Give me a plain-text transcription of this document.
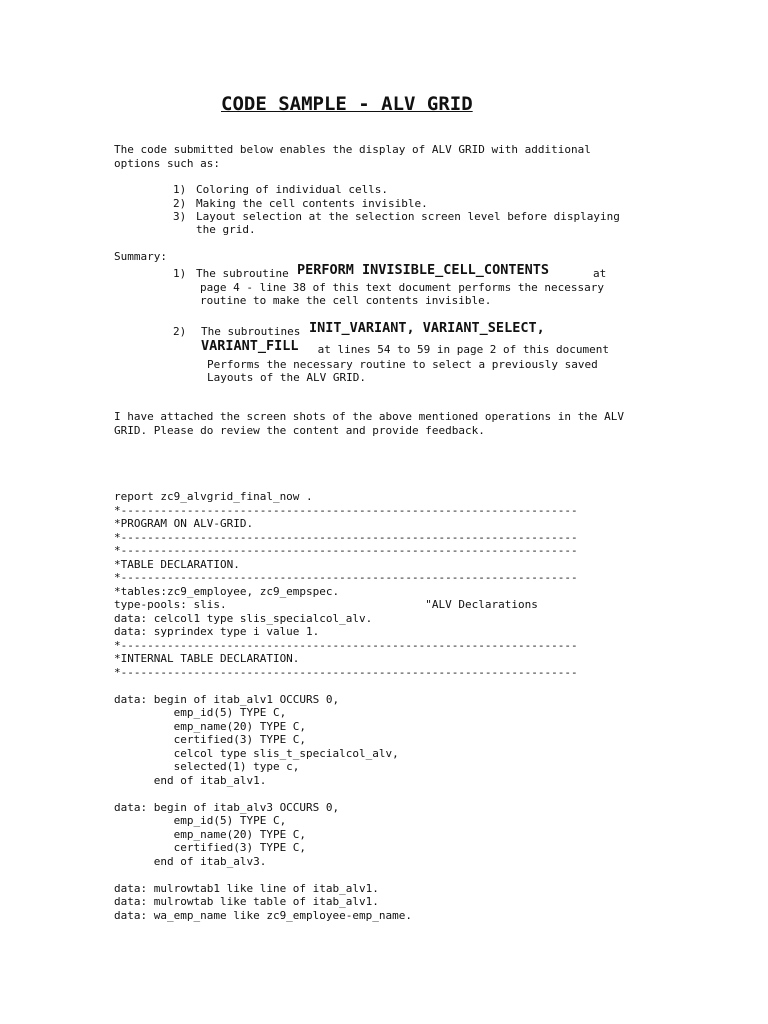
CODE SAMPLE - ALV GRID
The code submitted below enables the display of ALV GRID with additional
options such as:
1) Coloring of individual cells.
2) Making the cell contents invisible.
3) Layout selection at the selection screen level before displaying
the grid.
Summary:
1) The subroutine PERFORM INVISIBLE_CELL_CONTENTS	at
page 4 - line 38 of this text document performs the necessary
routine to make the cell contents invisible.
2) The subroutines INIT_VARIANT, VARIANT_SELECT,
VARIANT_FILL at lines 54 to 59 in page 2 of this document
Performs the necessary routine to select a previously saved
Layouts of the ALV GRID.
I have attached the screen shots of the above mentioned operations in the ALV
GRID. Please do review the content and provide feedback.
report zc9_alvgrid_final_now .
*---------------------------------------------------------------------
*PROGRAM ON ALV-GRID.
*---------------------------------------------------------------------
*---------------------------------------------------------------------
*TABLE DECLARATION.
*---------------------------------------------------------------------
*tables:zc9_employee, zc9_empspec.
type-pools: slis.                              "ALV Declarations
data: celcol1 type slis_specialcol_alv.
data: syprindex type i value 1.
*---------------------------------------------------------------------
*INTERNAL TABLE DECLARATION.
*---------------------------------------------------------------------
data: begin of itab_alv1 OCCURS 0,
emp_id(5) TYPE C,
emp_name(20) TYPE C,
certified(3) TYPE C,
celcol type slis_t_specialcol_alv,
selected(1) type c,
end of itab_alv1.
data: begin of itab_alv3 OCCURS 0,
emp_id(5) TYPE C,
emp_name(20) TYPE C,
certified(3) TYPE C,
end of itab_alv3.
data: mulrowtab1 like line of itab_alv1.
data: mulrowtab like table of itab_alv1.
data: wa_emp_name like zc9_employee-emp_name.
